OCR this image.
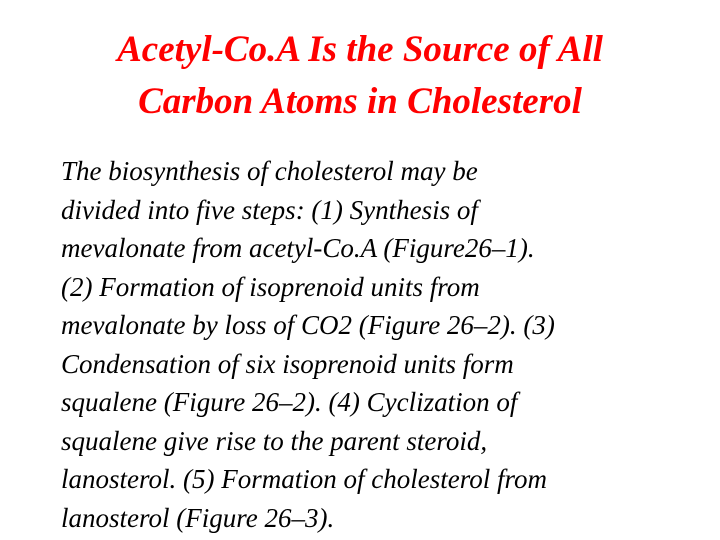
Acetyl-Co.A Is the Source of All
Carbon Atoms in Cholesterol
The biosynthesis of cholesterol may be
divided into five steps: (1) Synthesis of
mevalonate from acetyl-Co.A (Figure26–1).
(2) Formation of isoprenoid units from
mevalonate by loss of CO2 (Figure 26–2). (3)
Condensation of six isoprenoid units form
squalene (Figure 26–2). (4) Cyclization of
squalene give rise to the parent steroid,
lanosterol. (5) Formation of cholesterol from
lanosterol (Figure 26–3).
